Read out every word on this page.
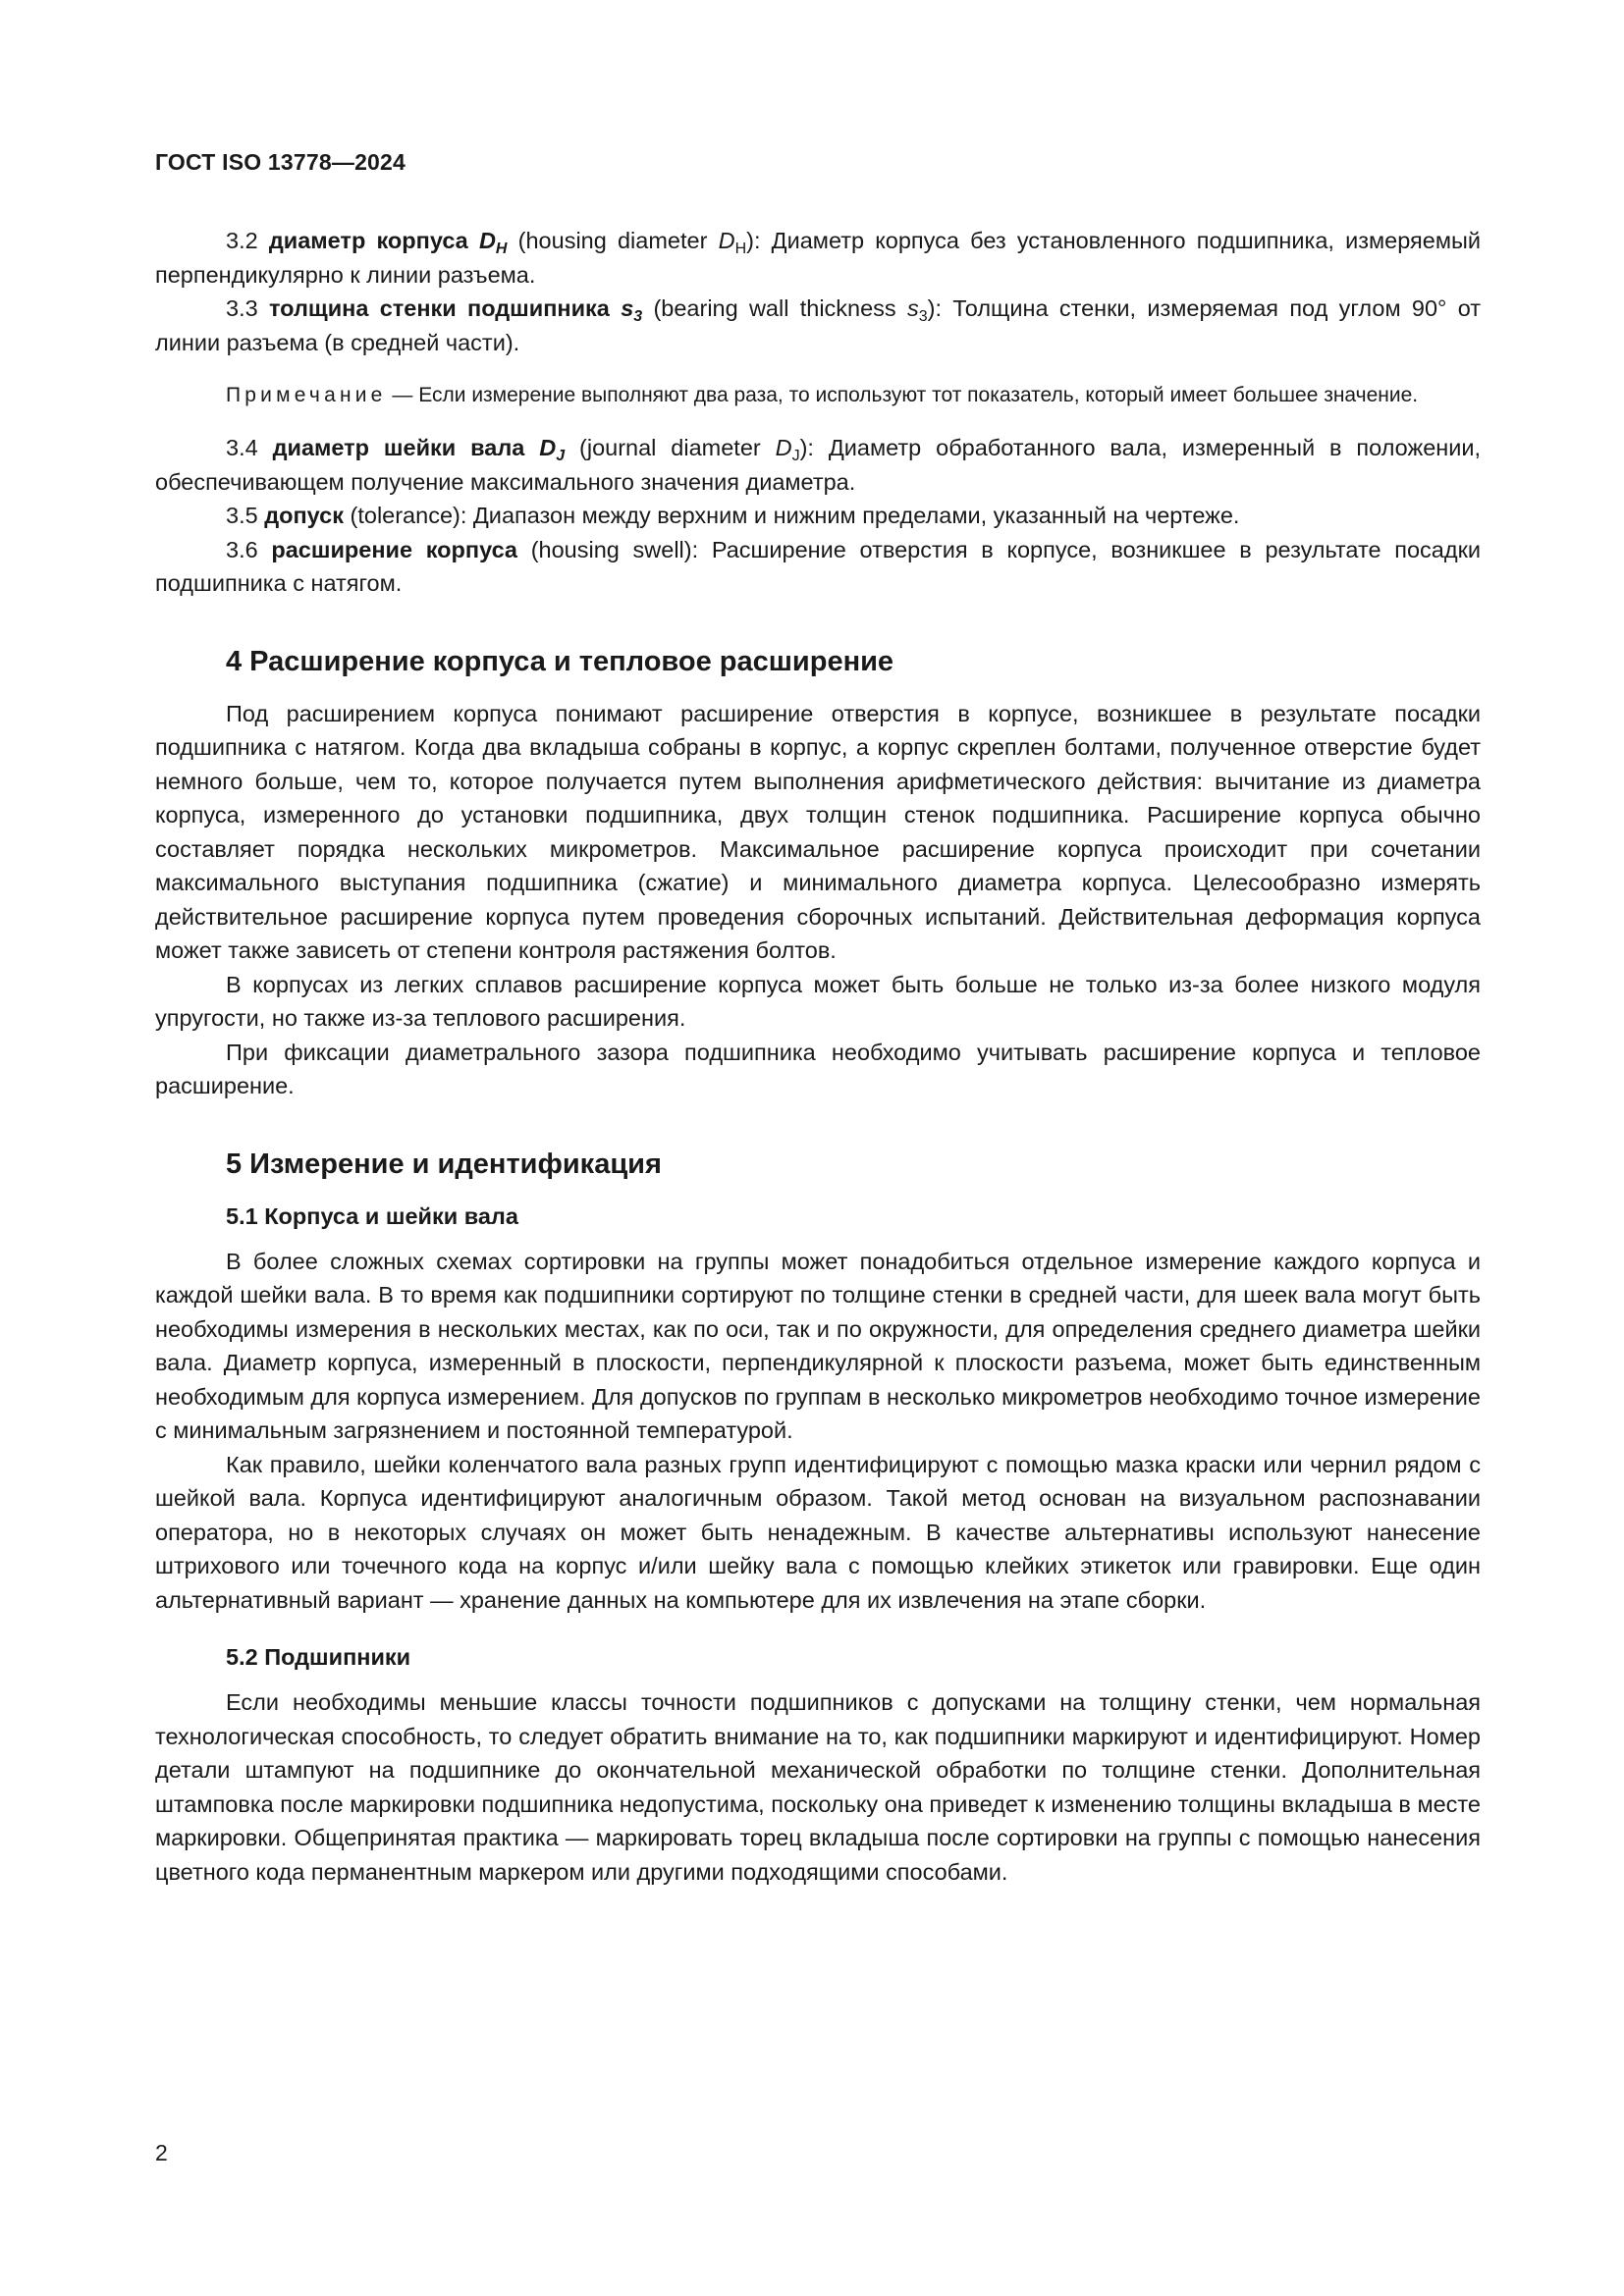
ГОСТ ISO 13778—2024

3.2 диаметр корпуса $D_H$ (housing diameter $D_H$): Диаметр корпуса без установленного подшипника, измеряемый перпендикулярно к линии разъема.

3.3 толщина стенки подшипника $s_3$ (bearing wall thickness $s_3$): Толщина стенки, измеряемая под углом 90° от линии разъема (в средней части).

Примечание — Если измерение выполняют два раза, то используют тот показатель, который имеет большее значение.

3.4 диаметр шейки вала $D_J$ (journal diameter $D_J$): Диаметр обработанного вала, измеренный в положении, обеспечивающем получение максимального значения диаметра.

3.5 допуск (tolerance): Диапазон между верхним и нижним пределами, указанный на чертеже.

3.6 расширение корпуса (housing swell): Расширение отверстия в корпусе, возникшее в результате посадки подшипника с натягом.

4 Расширение корпуса и тепловое расширение

Под расширением корпуса понимают расширение отверстия в корпусе, возникшее в результате посадки подшипника с натягом. Когда два вкладыша собраны в корпус, а корпус скреплен болтами, полученное отверстие будет немного больше, чем то, которое получается путем выполнения арифметического действия: вычитание из диаметра корпуса, измеренного до установки подшипника, двух толщин стенок подшипника. Расширение корпуса обычно составляет порядка нескольких микрометров. Максимальное расширение корпуса происходит при сочетании максимального выступания подшипника (сжатие) и минимального диаметра корпуса. Целесообразно измерять действительное расширение корпуса путем проведения сборочных испытаний. Действительная деформация корпуса может также зависеть от степени контроля растяжения болтов.

В корпусах из легких сплавов расширение корпуса может быть больше не только из-за более низкого модуля упругости, но также из-за теплового расширения.

При фиксации диаметрального зазора подшипника необходимо учитывать расширение корпуса и тепловое расширение.

5 Измерение и идентификация
5.1 Корпуса и шейки вала

В более сложных схемах сортировки на группы может понадобиться отдельное измерение каждого корпуса и каждой шейки вала. В то время как подшипники сортируют по толщине стенки в средней части, для шеек вала могут быть необходимы измерения в нескольких местах, как по оси, так и по окружности, для определения среднего диаметра шейки вала. Диаметр корпуса, измеренный в плоскости, перпендикулярной к плоскости разъема, может быть единственным необходимым для корпуса измерением. Для допусков по группам в несколько микрометров необходимо точное измерение с минимальным загрязнением и постоянной температурой.

Как правило, шейки коленчатого вала разных групп идентифицируют с помощью мазка краски или чернил рядом с шейкой вала. Корпуса идентифицируют аналогичным образом. Такой метод основан на визуальном распознавании оператора, но в некоторых случаях он может быть ненадежным. В качестве альтернативы используют нанесение штрихового или точечного кода на корпус и/или шейку вала с помощью клейких этикеток или гравировки. Еще один альтернативный вариант — хранение данных на компьютере для их извлечения на этапе сборки.

5.2 Подшипники

Если необходимы меньшие классы точности подшипников с допусками на толщину стенки, чем нормальная технологическая способность, то следует обратить внимание на то, как подшипники маркируют и идентифицируют. Номер детали штампуют на подшипнике до окончательной механической обработки по толщине стенки. Дополнительная штамповка после маркировки подшипника недопустима, поскольку она приведет к изменению толщины вкладыша в месте маркировки. Общепринятая практика — маркировать торец вкладыша после сортировки на группы с помощью нанесения цветного кода перманентным маркером или другими подходящими способами.

2
